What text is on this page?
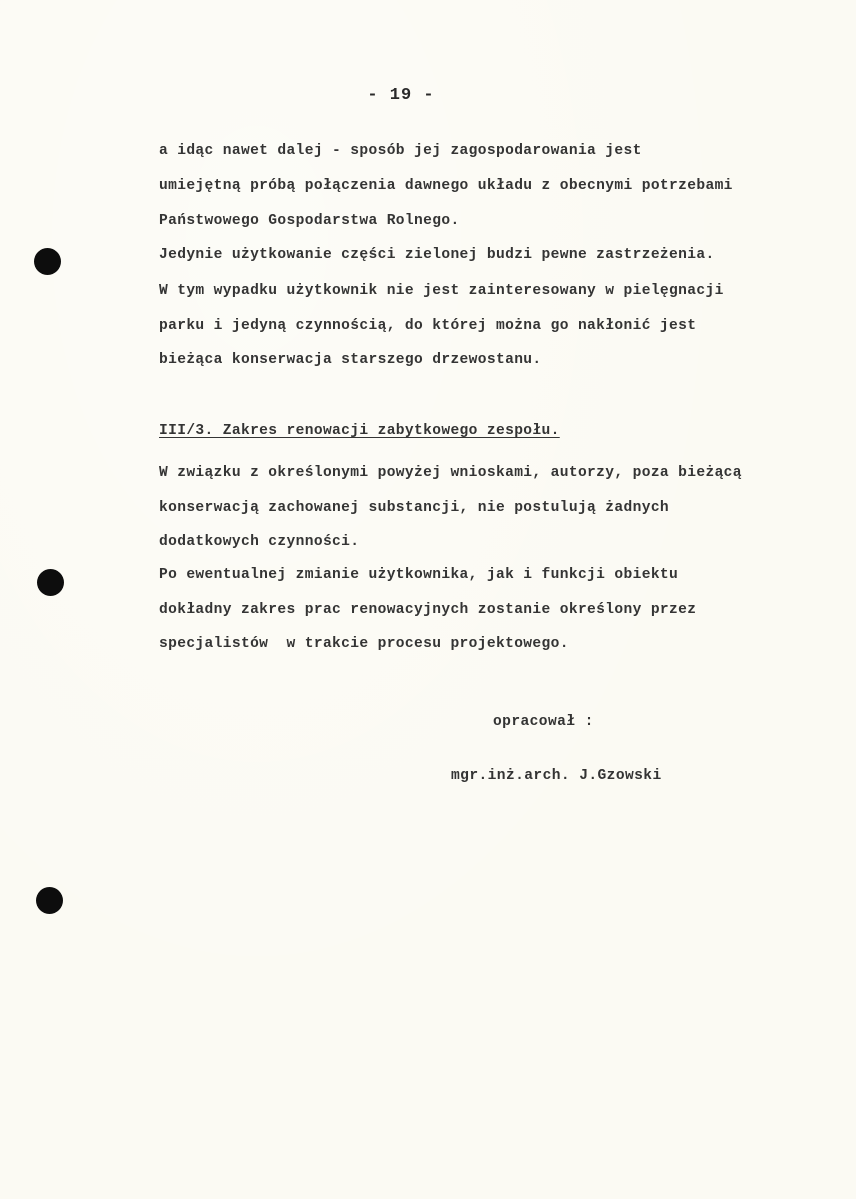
- 19 -
a idąc nawet dalej - sposób jej zagospodarowania jest
umiejętną próbą połączenia dawnego układu z obecnymi potrzebami
Państwowego Gospodarstwa Rolnego.
Jedynie użytkowanie części zielonej budzi pewne zastrzeżenia.
W tym wypadku użytkownik nie jest zainteresowany w pielęgnacji
parku i jedyną czynnością, do której można go nakłonić jest
bieżąca konserwacja starszego drzewostanu.
III/3. Zakres renowacji zabytkowego zespołu.
W związku z określonymi powyżej wnioskami, autorzy, poza bieżącą
konserwacją zachowanej substancji, nie postulują żadnych
dodatkowych czynności.
Po ewentualnej zmianie użytkownika, jak i funkcji obiektu
dokładny zakres prac renowacyjnych zostanie określony przez
specjalistów  w trakcie procesu projektowego.
opracował :
mgr.inż.arch. J.Gzowski
